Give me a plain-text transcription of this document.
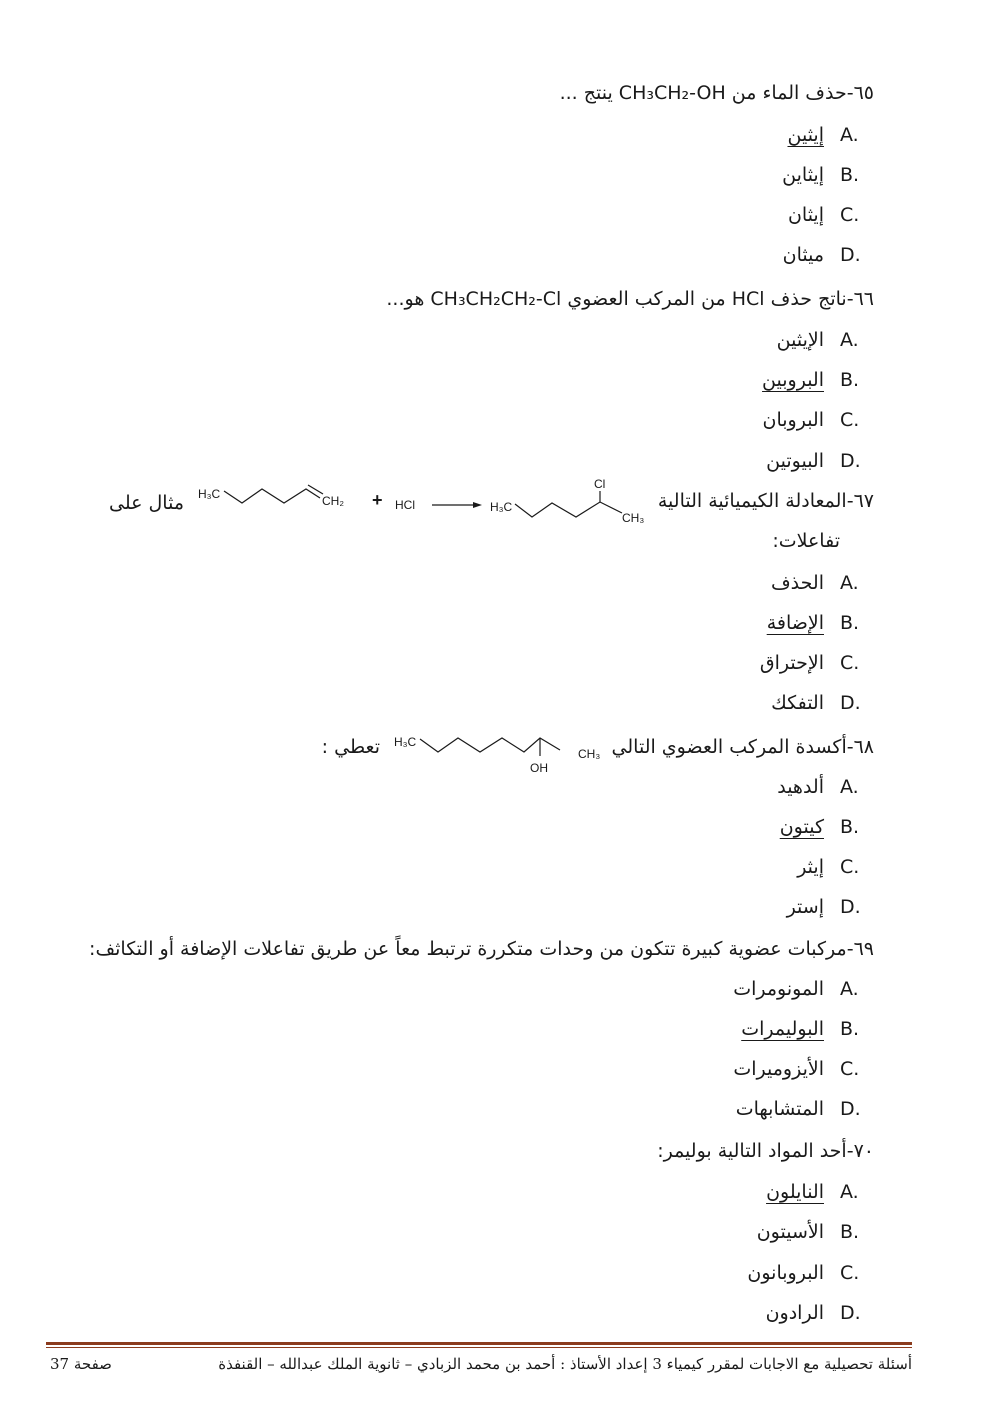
٦٥-حذف الماء من CH₃CH₂-OH ينتج ...
إيثين A.
إيثاين B.
إيثان C.
ميثان D.
٦٦-ناتج حذف HCl من المركب العضوي CH₃CH₂CH₂-Cl هو...
الإيثين A.
البروبين B.
البروبان C.
البيوتين D.
٦٧-المعادلة الكيميائية التالية
مثال على H₃C	CH₂ + HCl	H₃C
Cl
CH₃
تفاعلات:
الحذف A.
الإضافة B.
الإحتراق C.
التفكك D.
٦٨-أكسدة المركب العضوي التالي
تعطي : H₃C
OH
CH₃
ألدهيد A.
كيتون B.
إيثر C.
إستر D.
٦٩-مركبات عضوية كبيرة تتكون من وحدات متكررة ترتبط معاً عن طريق تفاعلات الإضافة أو التكاثف:
المونومرات A.
البوليمرات B.
الأيزوميرات C.
المتشابهات D.
٧٠-أحد المواد التالية بوليمر:
النايلون A.
الأسيتون B.
البروبانون C.
الرادون D.
أسئلة تحصيلية مع الاجابات لمقرر كيمياء 3 إعداد الأستاذ : أحمد بن محمد الزبادي – ثانوية الملك عبدالله – القنفذة
صفحة 37
